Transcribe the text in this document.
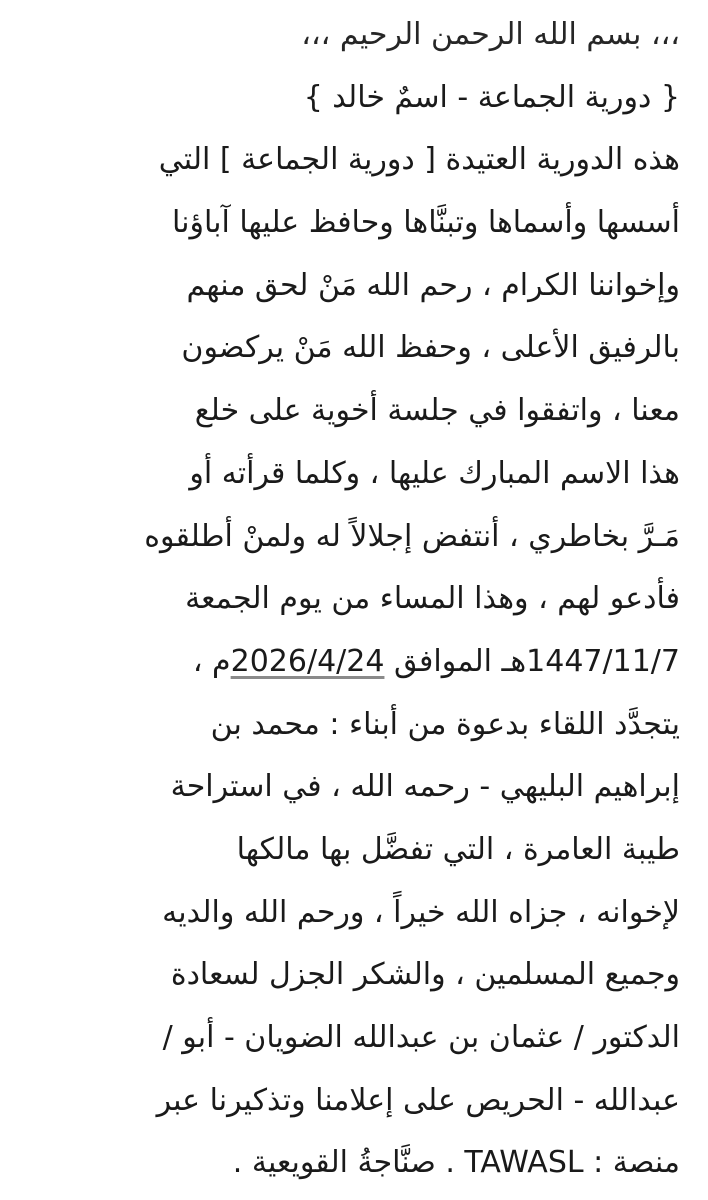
،،، بسم الله الرحمن الرحيم ،،،
{ دورية الجماعة - اسمٌ خالد }
هذه الدورية العتيدة [ دورية الجماعة ] التي
أسسها وأسماها وتبنَّاها وحافظ عليها آباؤنا
وإخواننا الكرام ، رحم الله مَنْ لحق منهم
بالرفيق الأعلى ، وحفظ الله مَنْ يركضون
معنا ، واتفقوا في جلسة أخوية على خلع
هذا الاسم المبارك عليها ، وكلما قرأته أو
مَـرَّ بخاطري ، أنتفض إجلالاً له ولمنْ أطلقوه
فأدعو لهم ، وهذا المساء من يوم الجمعة
1447/11/7هـ الموافق 2026/4/24م ،
يتجدَّد اللقاء بدعوة من أبناء : محمد بن
إبراهيم البليهي - رحمه الله ، في استراحة
طيبة العامرة ، التي تفضَّل بها مالكها
لإخوانه ، جزاه الله خيراً ، ورحم الله والديه
وجميع المسلمين ، والشكر الجزل لسعادة
الدكتور / عثمان بن عبدالله الضويان - أبو /
عبدالله - الحريص على إعلامنا وتذكيرنا عبر
منصة : TAWASL . صنَّاجةُ القويعية .
